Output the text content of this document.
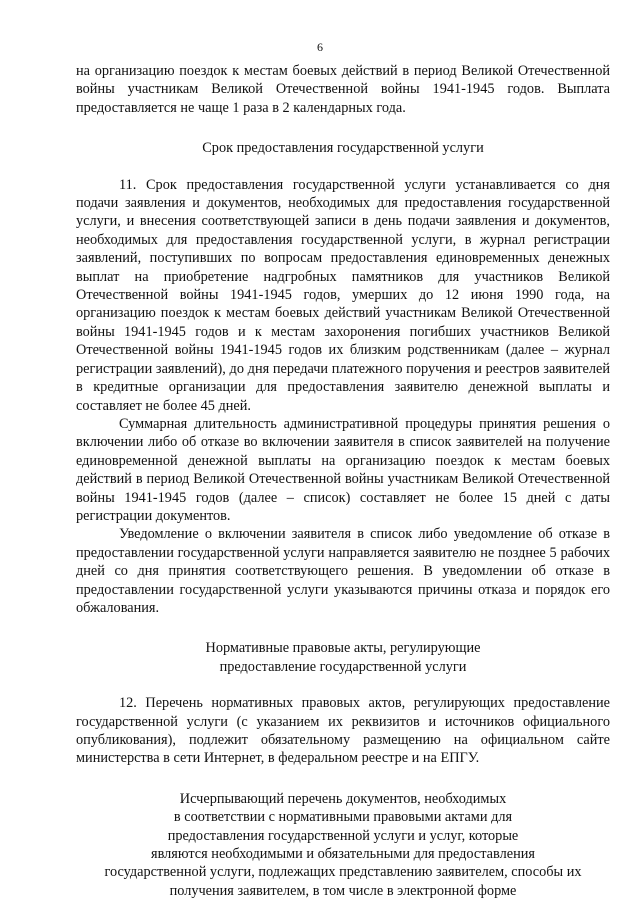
6

на организацию поездок к местам боевых действий в период Великой Отечественной войны участникам Великой Отечественной войны 1941-1945 годов. Выплата предоставляется не чаще 1 раза в 2 календарных года.

Срок предоставления государственной услуги

11. Срок предоставления государственной услуги устанавливается со дня подачи заявления и документов, необходимых для предоставления государственной услуги, и внесения соответствующей записи в день подачи заявления и документов, необходимых для предоставления государственной услуги, в журнал регистрации заявлений, поступивших по вопросам предоставления единовременных денежных выплат на приобретение надгробных памятников для участников Великой Отечественной войны 1941-1945 годов, умерших до 12 июня 1990 года, на организацию поездок к местам боевых действий участникам Великой Отечественной войны 1941-1945 годов и к местам захоронения погибших участников Великой Отечественной войны 1941-1945 годов их близким родственникам (далее – журнал регистрации заявлений), до дня передачи платежного поручения и реестров заявителей в кредитные организации для предоставления заявителю денежной выплаты и составляет не более 45 дней.

Суммарная длительность административной процедуры принятия решения о включении либо об отказе во включении заявителя в список заявителей на получение единовременной денежной выплаты на организацию поездок к местам боевых действий в период Великой Отечественной войны участникам Великой Отечественной войны 1941-1945 годов (далее – список) составляет не более 15 дней с даты регистрации документов.

Уведомление о включении заявителя в список либо уведомление об отказе в предоставлении государственной услуги направляется заявителю не позднее 5 рабочих дней со дня принятия соответствующего решения. В уведомлении об отказе в предоставлении государственной услуги указываются причины отказа и порядок его обжалования.

Нормативные правовые акты, регулирующие
предоставление государственной услуги

12. Перечень нормативных правовых актов, регулирующих предоставление государственной услуги (с указанием их реквизитов и источников официального опубликования), подлежит обязательному размещению на официальном сайте министерства в сети Интернет, в федеральном реестре и на ЕПГУ.

Исчерпывающий перечень документов, необходимых
в соответствии с нормативными правовыми актами для
предоставления государственной услуги и услуг, которые
являются необходимыми и обязательными для предоставления
государственной услуги, подлежащих представлению заявителем, способы их
получения заявителем, в том числе в электронной форме
